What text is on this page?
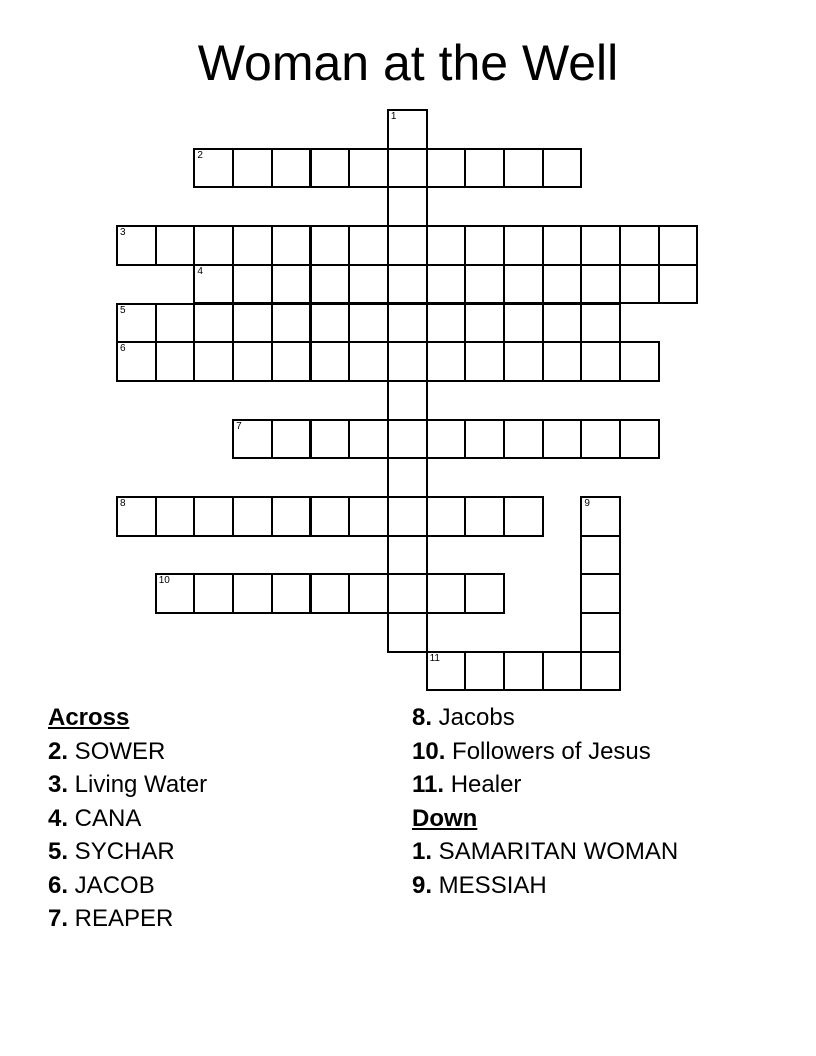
Woman at the Well
1
2
3
4
5
6
7
8	9
10
11
Across
2. SOWER
3. Living Water
4. CANA
5. SYCHAR
6. JACOB
7. REAPER
8. Jacobs
10. Followers of Jesus
11. Healer
Down
1. SAMARITAN WOMAN
9. MESSIAH
